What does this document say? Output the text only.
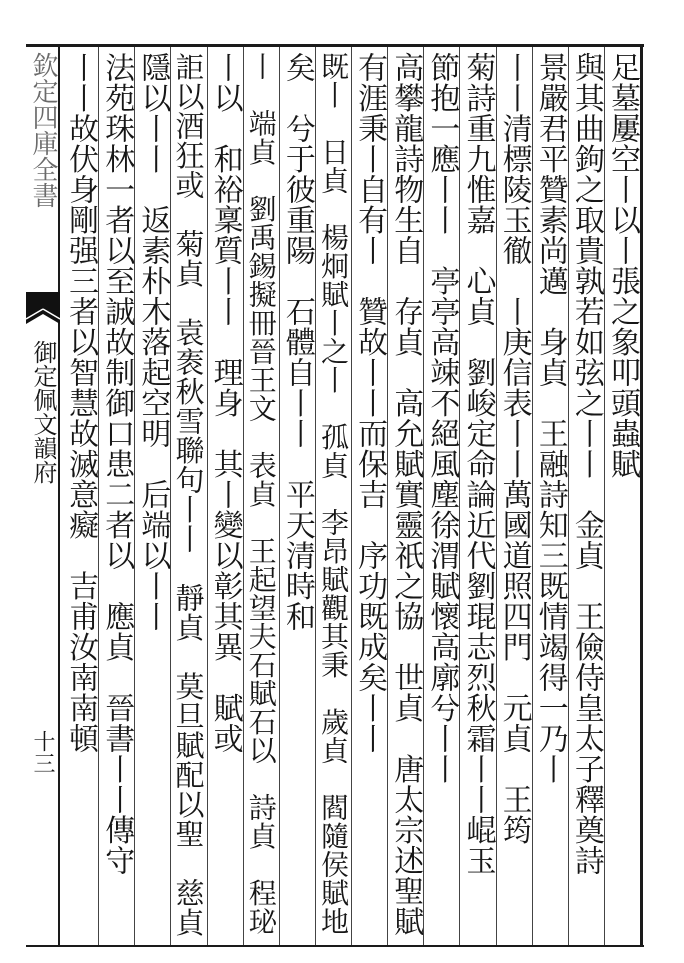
欽定四庫全書
御定佩文韻府
十三
足墓屢空丨以丨張之象叩頭蟲賦
與其曲鉤之取貴孰若如弦之丨丨　金貞　王儉侍皇太子釋奠詩
景嚴君平贊素尚邁　身貞　王融詩知三既情竭得一乃丨
丨丨清標陵玉徹　丨庚信表丨丨萬國道照四門　元貞　王筠
菊詩重九惟嘉　心貞　劉峻定命論近代劉琨志烈秋霜丨丨崐玉
節抱一應丨丨　亭亭高竦不絕風塵徐渭賦懷高廓兮丨丨
高攀龍詩物生自　存貞　高允賦實靈祇之協　世貞　唐太宗述聖賦
有涯秉丨自有丨　贊故丨丨而保吉　序功既成矣丨丨
既丨　日貞　楊炯賦丨之丨　孤貞　李昂賦觀其秉　歲貞　閻隨侯賦地
矣　兮于彼重陽　石體自丨丨　平天清時和
丨　端貞　劉禹錫擬冊晉王文　表貞　王起望夫石賦石以　詩貞　程珌
丨以　和裕稟質丨丨　理身　其丨變以彰其異　賦或
詎以酒狂或　菊貞　袁袠秋雪聯句丨丨　靜貞　莫旦賦配以聖　慈貞
隱以丨丨　返素朴木落起空明　后端以丨丨
法苑珠林一者以至誠故制御口患二者以　應貞　晉書丨丨傳守
丨丨故伏身剛强三者以智慧故滅意癡　吉甫汝南南頓
